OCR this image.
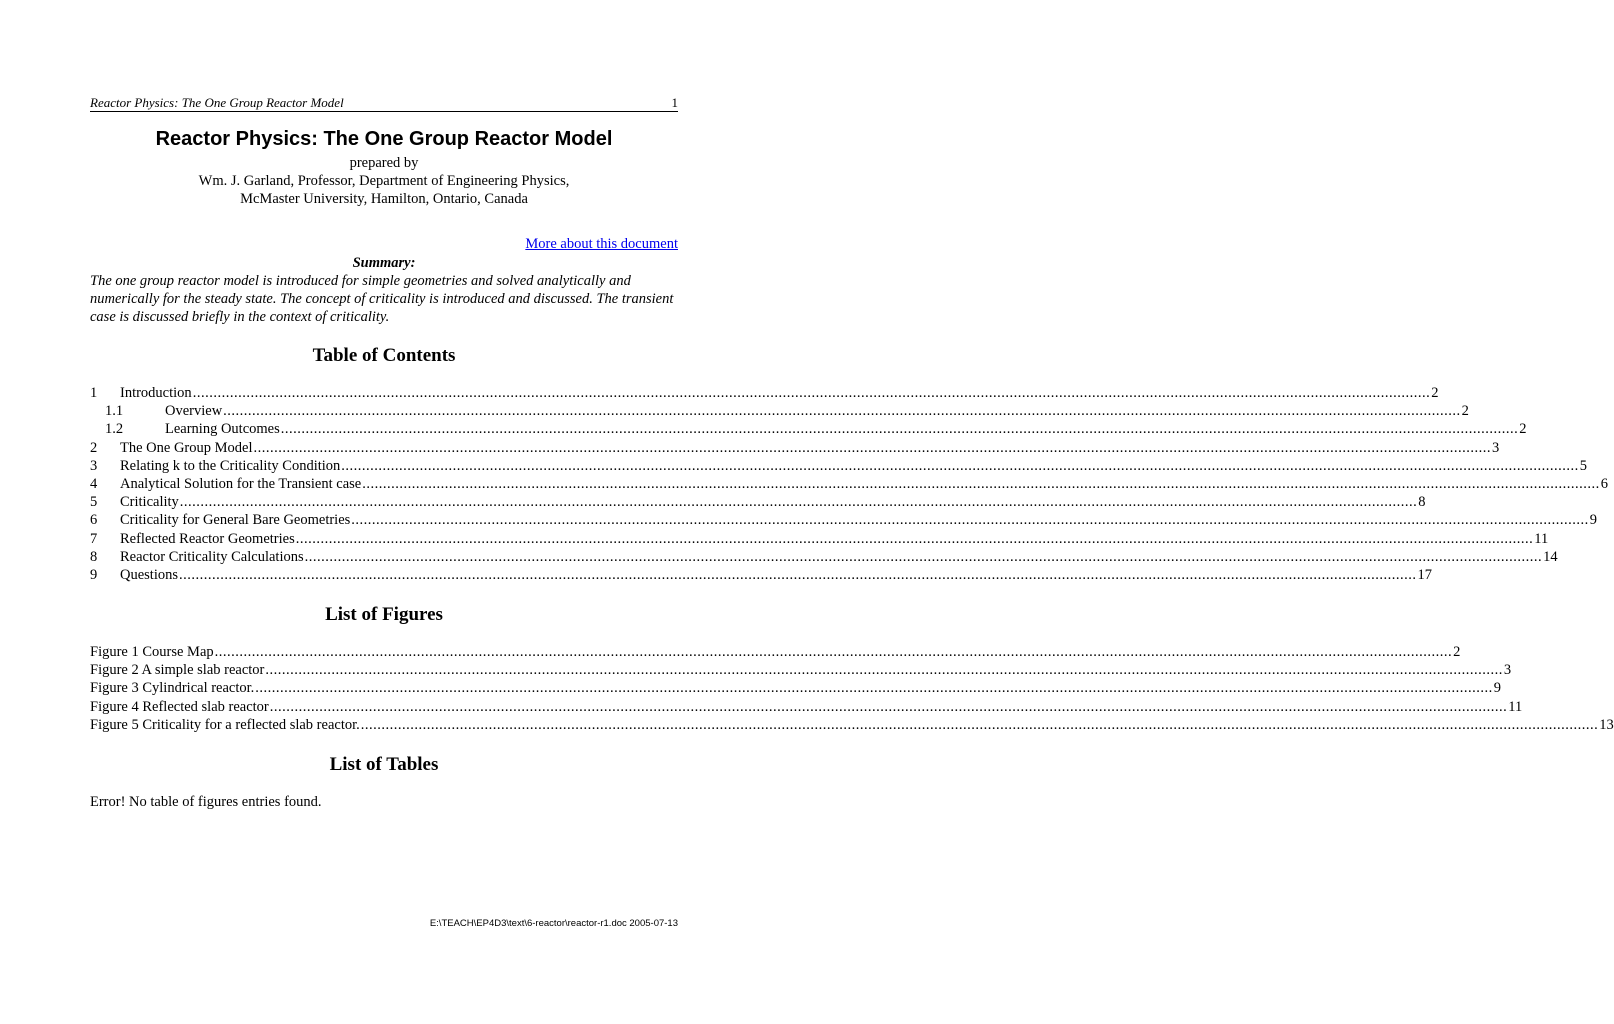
Reactor Physics: The One Group Reactor Model	1
Reactor Physics: The One Group Reactor Model
prepared by
Wm. J. Garland, Professor, Department of Engineering Physics,
McMaster University, Hamilton, Ontario, Canada
More about this document
Summary:
The one group reactor model is introduced for simple geometries and solved analytically and numerically for the steady state. The concept of criticality is introduced and discussed. The transient case is discussed briefly in the context of criticality.
Table of Contents
1	Introduction ............................................................................................................................................................................................................................................................................................................ 2
1.1	Overview ............................................................................................................................................................................................................................................................................................................ 2
1.2	Learning Outcomes ............................................................................................................................................................................................................................................................................................................ 2
2	The One Group Model ............................................................................................................................................................................................................................................................................................................ 3
3	Relating k to the Criticality Condition ............................................................................................................................................................................................................................................................................................................ 5
4	Analytical Solution for the Transient case ............................................................................................................................................................................................................................................................................................................ 6
5	Criticality ............................................................................................................................................................................................................................................................................................................ 8
6	Criticality for General Bare Geometries ............................................................................................................................................................................................................................................................................................................ 9
7	Reflected Reactor Geometries ............................................................................................................................................................................................................................................................................................................ 11
8	Reactor Criticality Calculations ............................................................................................................................................................................................................................................................................................................ 14
9	Questions ............................................................................................................................................................................................................................................................................................................ 17
List of Figures
Figure 1 Course Map ............................................................................................................................................................................................................................................................................................................ 2
Figure 2 A simple slab reactor ............................................................................................................................................................................................................................................................................................................ 3
Figure 3 Cylindrical reactor. ............................................................................................................................................................................................................................................................................................................ 9
Figure 4 Reflected slab reactor ............................................................................................................................................................................................................................................................................................................ 11
Figure 5 Criticality for a reflected slab reactor. ............................................................................................................................................................................................................................................................................................................ 13
List of Tables
Error! No table of figures entries found.
E:\TEACH\EP4D3\text\6-reactor\reactor-r1.doc 2005-07-13
